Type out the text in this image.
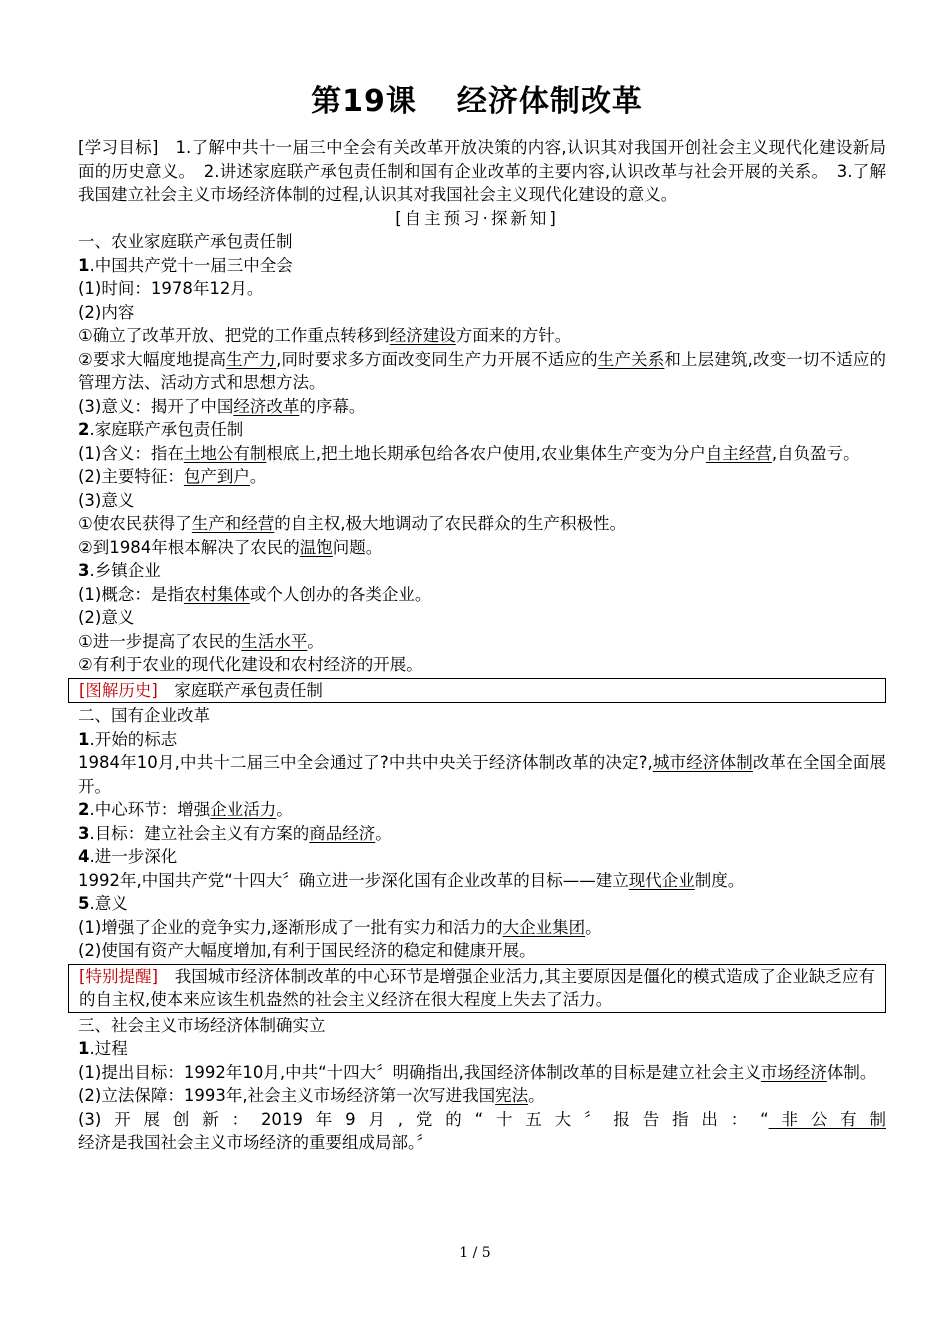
第19课 经济体制改革

[学习目标]　 1.了解中共十一届三中全会有关改革开放决策的内容,认识其对我国开创社会主义现代化建设新局面的历史意义。　2.讲述家庭联产承包责任制和国有企业改革的主要内容,认识改革与社会开展的关系。　3.了解我国建立社会主义市场经济体制的过程,认识其对我国社会主义现代化建设的意义。

[自主预习·探新知]

一、农业家庭联产承包责任制

1.中国共产党十一届三中全会

(1)时间：1978年12月。

(2)内容

①确立了改革开放、把党的工作重点转移到经济建设方面来的方针。

②要求大幅度地提高生产力,同时要求多方面改变同生产力开展不适应的生产关系和上层建筑,改变一切不适应的管理方法、活动方式和思想方法。

(3)意义：揭开了中国经济改革的序幕。

2.家庭联产承包责任制

(1)含义：指在土地公有制根底上,把土地长期承包给各农户使用,农业集体生产变为分户自主经营,自负盈亏。

(2)主要特征：包产到户。

(3)意义

①使农民获得了生产和经营的自主权,极大地调动了农民群众的生产积极性。

②到1984年根本解决了农民的温饱问题。

3.乡镇企业

(1)概念：是指农村集体或个人创办的各类企业。

(2)意义

①进一步提高了农民的生活水平。

②有利于农业的现代化建设和农村经济的开展。

[图解历史]　 家庭联产承包责任制

二、国有企业改革

1.开始的标志

1984年10月,中共十二届三中全会通过了?中共中央关于经济体制改革的决定?,城市经济体制改革在全国全面展开。

2.中心环节：增强企业活力。

3.目标：建立社会主义有方案的商品经济。

4.进一步深化

1992年,中国共产党“十四大〞确立进一步深化国有企业改革的目标——建立现代企业制度。

5.意义

(1)增强了企业的竞争实力,逐渐形成了一批有实力和活力的大企业集团。

(2)使国有资产大幅度增加,有利于国民经济的稳定和健康开展。

[特别提醒]　 我国城市经济体制改革的中心环节是增强企业活力,其主要原因是僵化的模式造成了企业缺乏应有的自主权,使本来应该生机盎然的社会主义经济在很大程度上失去了活力。

三、社会主义市场经济体制确实立

1.过程

(1)提出目标：1992年10月,中共“十四大〞明确指出,我国经济体制改革的目标是建立社会主义市场经济体制。

(2)立法保障：1993年,社会主义市场经济第一次写进我国宪法。

(3)开展创新：2019年9月,党的“十五大〞报告指出：“非公有制经济是我国社会主义市场经济的重要组成局部。〞

1 / 5
